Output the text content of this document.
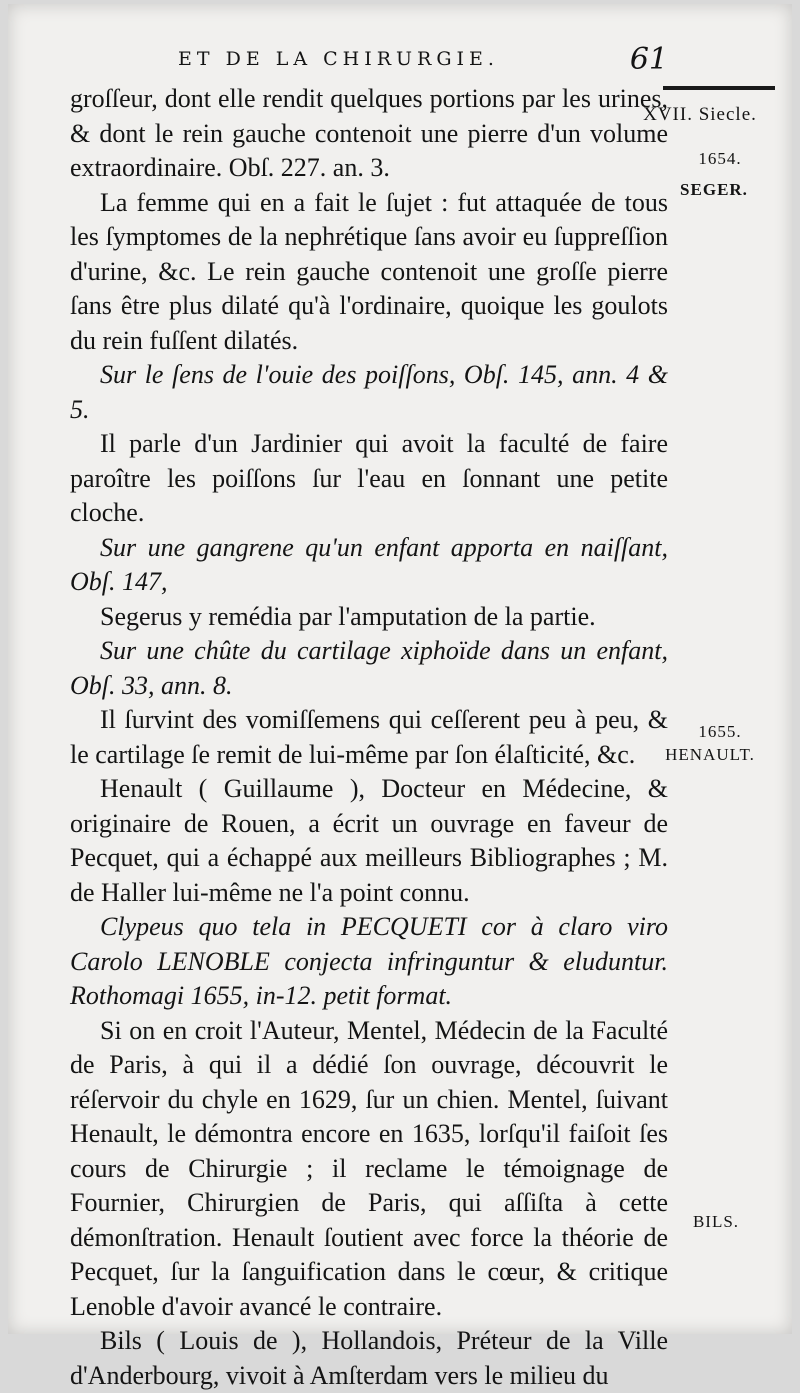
ET DE LA CHIRURGIE.	61
XVII. Siecle.
1654.
SEGER.
1655.
HENAULT.
BILS.

groſſeur, dont elle rendit quelques portions par les urines, & dont le rein gauche contenoit une pierre d'un volume extraordinaire. Obſ. 227. an. 3.

La femme qui en a fait le ſujet : fut attaquée de tous les ſymptomes de la nephrétique ſans avoir eu ſuppreſſion d'urine, &c. Le rein gauche contenoit une groſſe pierre ſans être plus dilaté qu'à l'ordinaire, quoique les goulots du rein fuſſent dilatés.

Sur le ſens de l'ouie des poiſſons, Obſ. 145, ann. 4 & 5.

Il parle d'un Jardinier qui avoit la faculté de faire paroître les poiſſons ſur l'eau en ſonnant une petite cloche.

Sur une gangrene qu'un enfant apporta en naiſſant, Obſ. 147,

Segerus y remédia par l'amputation de la partie.

Sur une chûte du cartilage xiphoïde dans un enfant, Obſ. 33, ann. 8.

Il ſurvint des vomiſſemens qui ceſſerent peu à peu, & le cartilage ſe remit de lui-même par ſon élaſticité, &c.

Henault ( Guillaume ), Docteur en Médecine, & originaire de Rouen, a écrit un ouvrage en faveur de Pecquet, qui a échappé aux meilleurs Bibliographes ; M. de Haller lui-même ne l'a point connu.

Clypeus quo tela in PECQUETI cor à claro viro Carolo LENOBLE conjecta infringuntur & eluduntur. Rothomagi 1655, in-12. petit format.

Si on en croit l'Auteur, Mentel, Médecin de la Faculté de Paris, à qui il a dédié ſon ouvrage, découvrit le réſervoir du chyle en 1629, ſur un chien. Mentel, ſuivant Henault, le démontra encore en 1635, lorſqu'il faiſoit ſes cours de Chirurgie ; il reclame le témoignage de Fournier, Chirurgien de Paris, qui aſſiſta à cette démonſtration. Henault ſoutient avec force la théorie de Pecquet, ſur la ſanguification dans le cœur, & critique Lenoble d'avoir avancé le contraire.

Bils ( Louis de ), Hollandois, Préteur de la Ville d'Anderbourg, vivoit à Amſterdam vers le milieu du
